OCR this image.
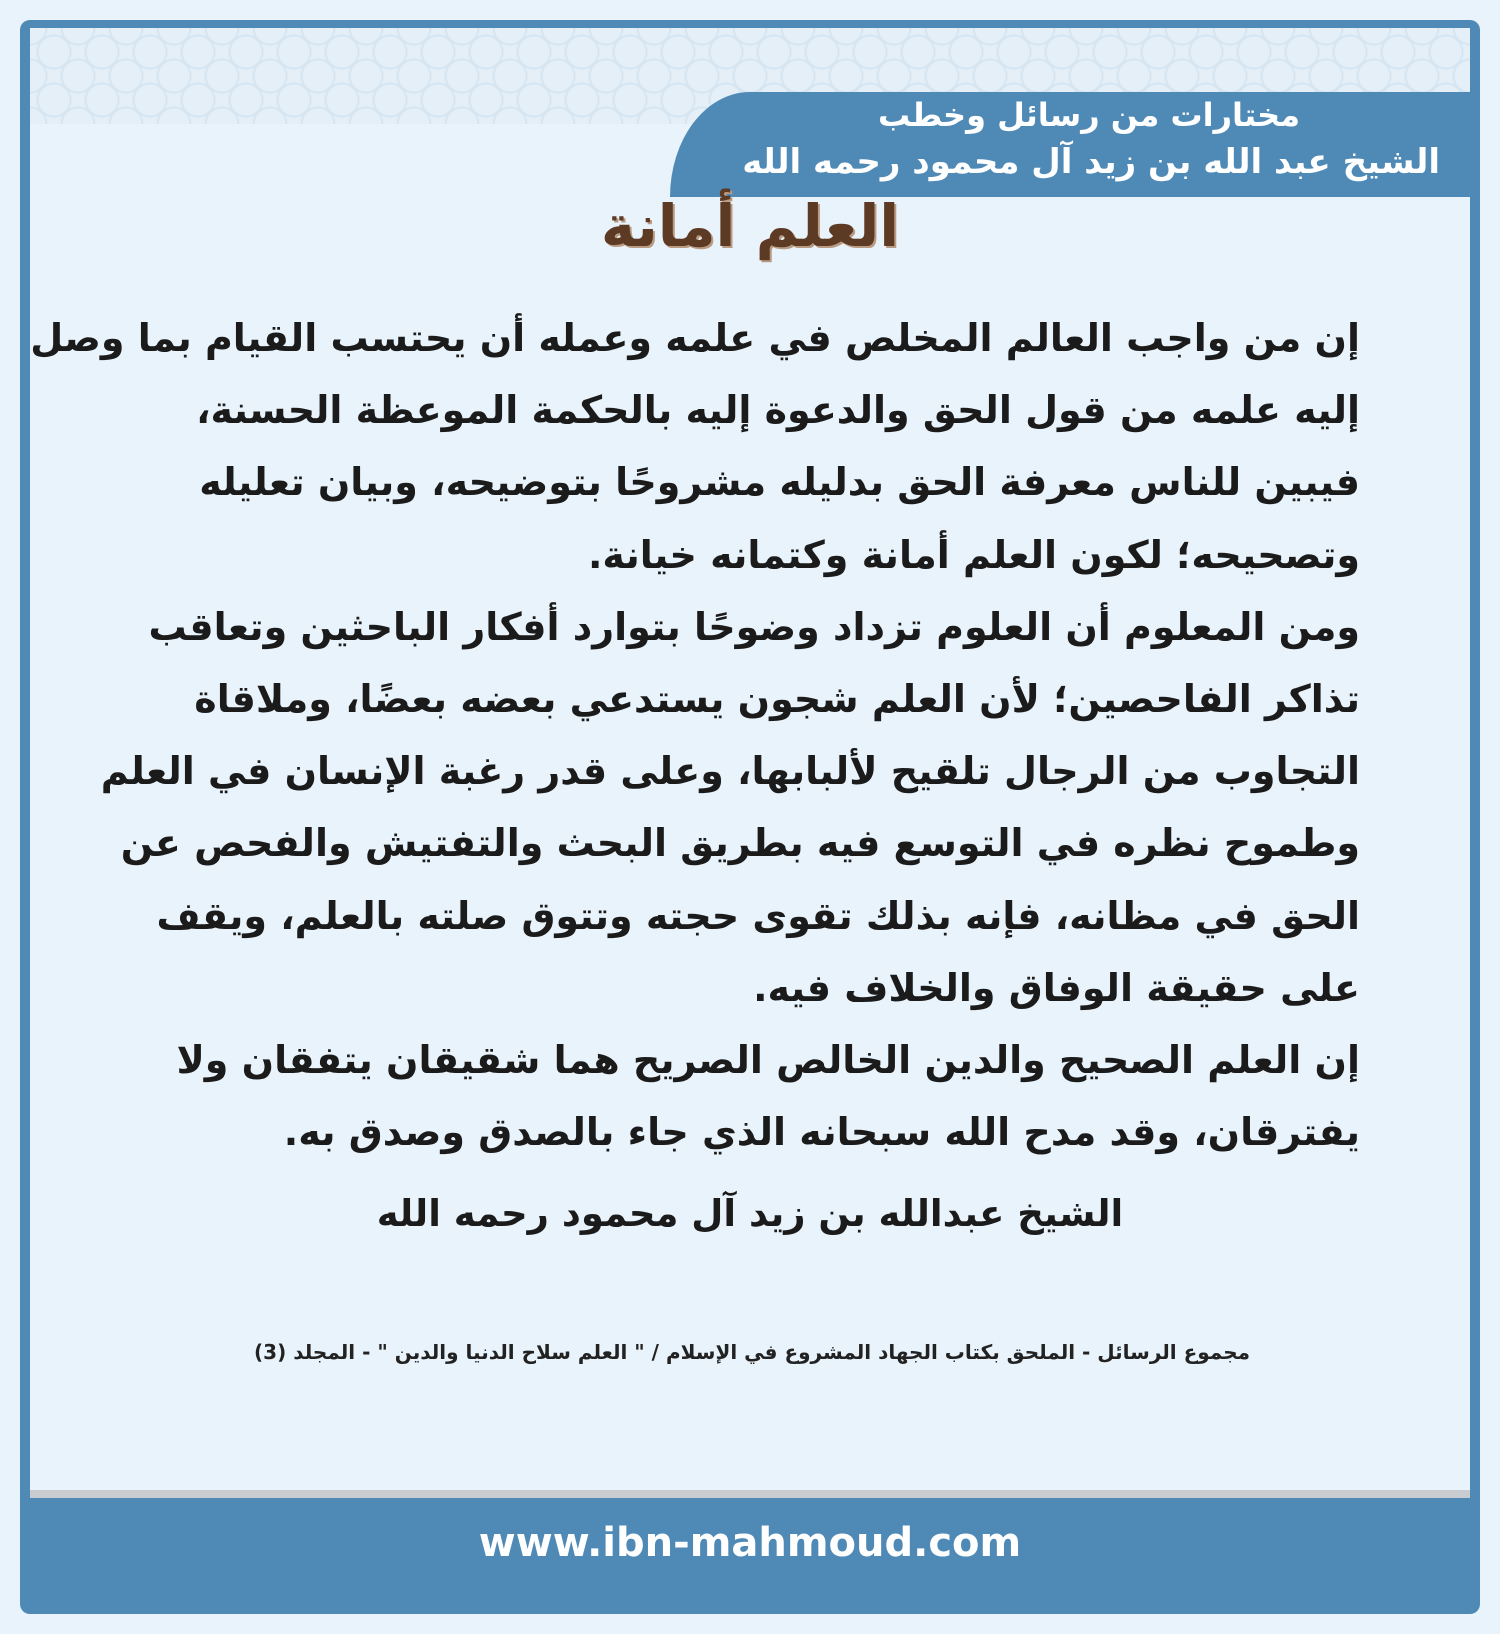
مختارات من رسائل وخطب
الشيخ عبد الله بن زيد آل محمود رحمه الله
العلم أمانة
إن من واجب العالم المخلص في علمه وعمله أن يحتسب القيام بما وصل
إليه علمه من قول الحق والدعوة إليه بالحكمة الموعظة الحسنة،
فيبين للناس معرفة الحق بدليله مشروحًا بتوضيحه، وبيان تعليله
وتصحيحه؛ لكون العلم أمانة وكتمانه خيانة.
ومن المعلوم أن العلوم تزداد وضوحًا بتوارد أفكار الباحثين وتعاقب
تذاكر الفاحصين؛ لأن العلم شجون يستدعي بعضه بعضًا، وملاقاة
التجاوب من الرجال تلقيح لألبابها، وعلى قدر رغبة الإنسان في العلم
وطموح نظره في التوسع فيه بطريق البحث والتفتيش والفحص عن
الحق في مظانه، فإنه بذلك تقوى حجته وتتوق صلته بالعلم، ويقف
على حقيقة الوفاق والخلاف فيه.
إن العلم الصحيح والدين الخالص الصريح هما شقيقان يتفقان ولا
يفترقان، وقد مدح الله سبحانه الذي جاء بالصدق وصدق به.
الشيخ عبدالله بن زيد آل محمود رحمه الله
مجموع الرسائل - الملحق بكتاب الجهاد المشروع في الإسلام / " العلم سلاح الدنيا والدين " - المجلد (3)
www.ibn-mahmoud.com
